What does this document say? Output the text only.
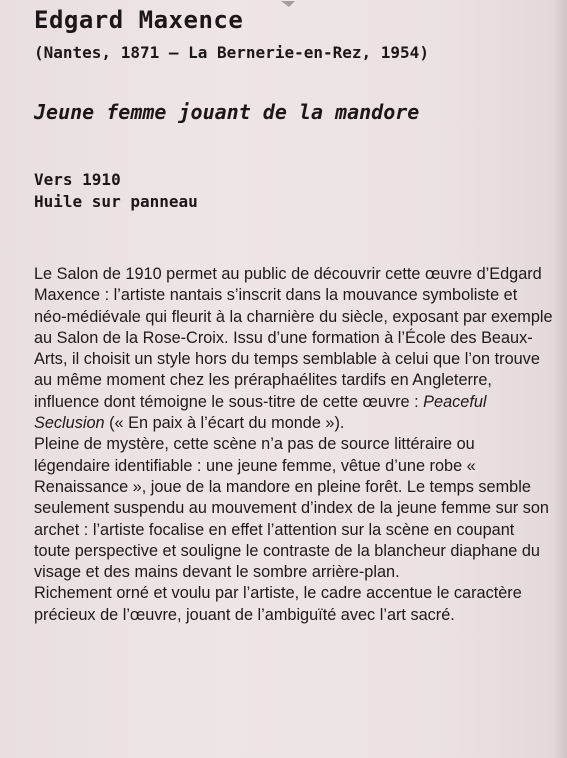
Edgard Maxence
(Nantes, 1871 – La Bernerie-en-Rez, 1954)
Jeune femme jouant de la mandore
Vers 1910
Huile sur panneau

Le Salon de 1910 permet au public de découvrir cette œuvre d’Edgard Maxence : l’artiste nantais s’inscrit dans la mouvance symboliste et néo-médiévale qui fleurit à la charnière du siècle, exposant par exemple au Salon de la Rose-Croix. Issu d’une formation à l’École des Beaux-Arts, il choisit un style hors du temps semblable à celui que l’on trouve au même moment chez les préraphaélites tardifs en Angleterre, influence dont témoigne le sous-titre de cette œuvre : Peaceful Seclusion (« En paix à l’écart du monde »).

Pleine de mystère, cette scène n’a pas de source littéraire ou légendaire identifiable : une jeune femme, vêtue d’une robe « Renaissance », joue de la mandore en pleine forêt. Le temps semble seulement suspendu au mouvement d’index de la jeune femme sur son archet : l’artiste focalise en effet l’attention sur la scène en coupant toute perspective et souligne le contraste de la blancheur diaphane du visage et des mains devant le sombre arrière-plan.

Richement orné et voulu par l’artiste, le cadre accentue le caractère précieux de l’œuvre, jouant de l’ambiguïté avec l’art sacré.
